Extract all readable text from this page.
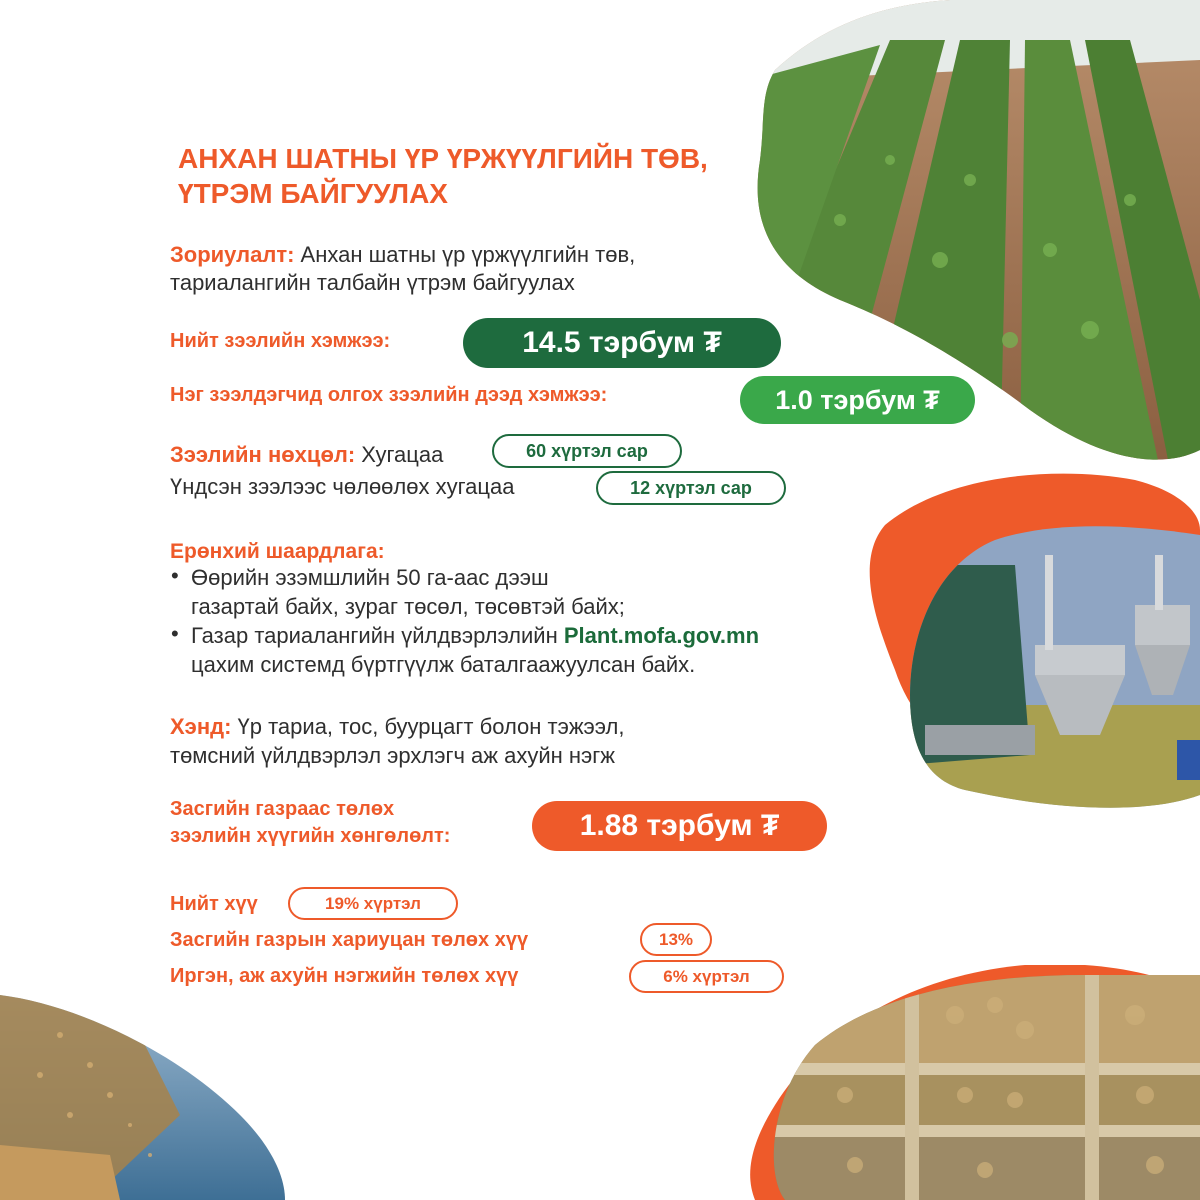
АНХАН ШАТНЫ ҮР ҮРЖҮҮЛГИЙН ТӨВ,
ҮТРЭМ БАЙГУУЛАХ
Зориулалт: Анхан шатны үр үржүүлгийн төв,
тариалангийн талбайн үтрэм байгуулах
Нийт зээлийн хэмжээ:	14.5 тэрбум ₮
Нэг зээлдэгчид олгох зээлийн дээд хэмжээ:	1.0 тэрбум ₮
Зээлийн нөхцөл: Хугацаа	60 хүртэл сар
Үндсэн зээлээс чөлөөлөх хугацаа	12 хүртэл сар
Ерөнхий шаардлага:
• Өөрийн эзэмшлийн 50 га-аас дээш
газартай байх, зураг төсөл, төсөвтэй байх;
• Газар тариалангийн үйлдвэрлэлийн Plant.mofa.gov.mn
цахим системд бүртгүүлж баталгаажуулсан байх.
Хэнд: Үр тариа, тос, буурцагт болон тэжээл,
төмсний үйлдвэрлэл эрхлэгч аж ахуйн нэгж
Засгийн газраас төлөх
зээлийн хүүгийн хөнгөлөлт:	1.88 тэрбум ₮
Нийт хүү	19% хүртэл
Засгийн газрын хариуцан төлөх хүү	13%
Иргэн, аж ахуйн нэгжийн төлөх хүү	6% хүртэл
